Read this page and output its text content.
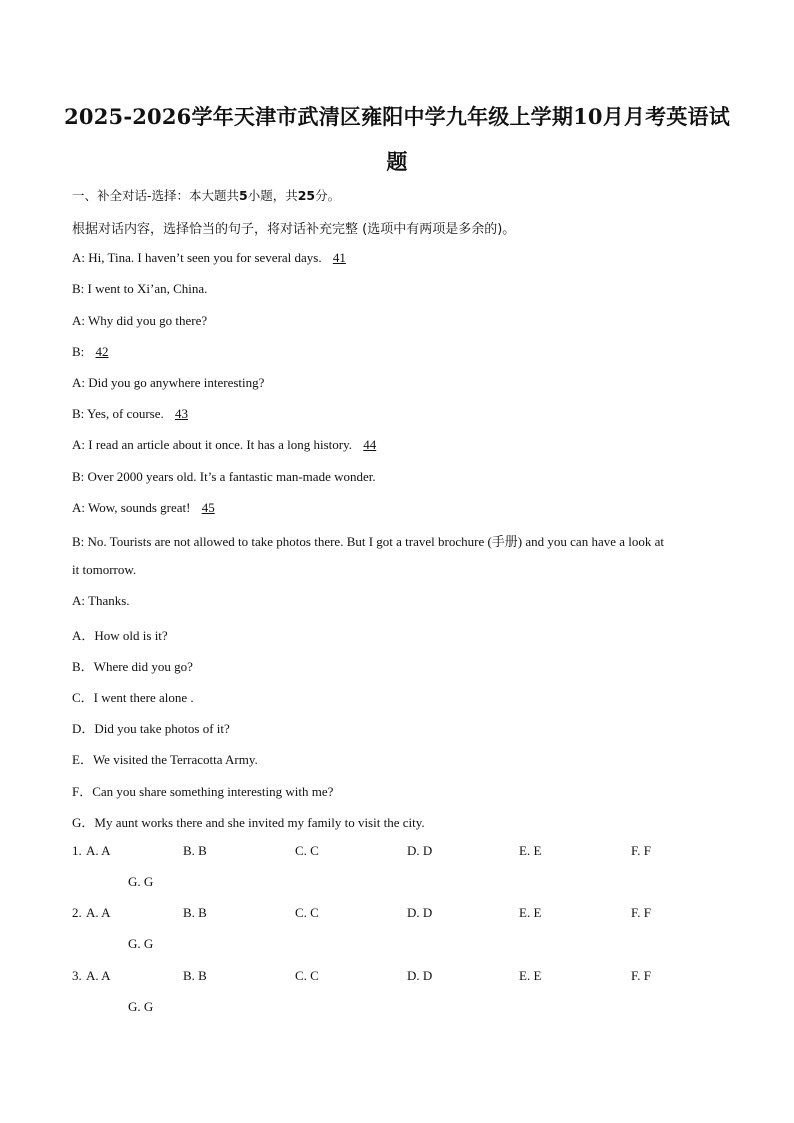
2025-2026学年天津市武清区雍阳中学九年级上学期10月月考英语试
题
一、补全对话-选择：本大题共5小题，共25分。
根据对话内容，选择恰当的句子，将对话补充完整 (选项中有两项是多余的)。
A: Hi, Tina. I haven’t seen you for several days. 41
B: I went to Xi’an, China.
A: Why did you go there?
B: 42
A: Did you go anywhere interesting?
B: Yes, of course. 43
A: I read an article about it once. It has a long history. 44
B: Over 2000 years old. It’s a fantastic man-made wonder.
A: Wow, sounds great! 45
B: No. Tourists are not allowed to take photos there. But I got a travel brochure (手册) and you can have a look at
it tomorrow.
A: Thanks.
A．How old is it?
B．Where did you go?
C．I went there alone .
D．Did you take photos of it?
E．We visited the Terracotta Army.
F．Can you share something interesting with me?
G．My aunt works there and she invited my family to visit the city.
1. A. A	B. B	C. C	D. D	E. E	F. F
G. G
2. A. A	B. B	C. C	D. D	E. E	F. F
G. G
3. A. A	B. B	C. C	D. D	E. E	F. F
G. G
